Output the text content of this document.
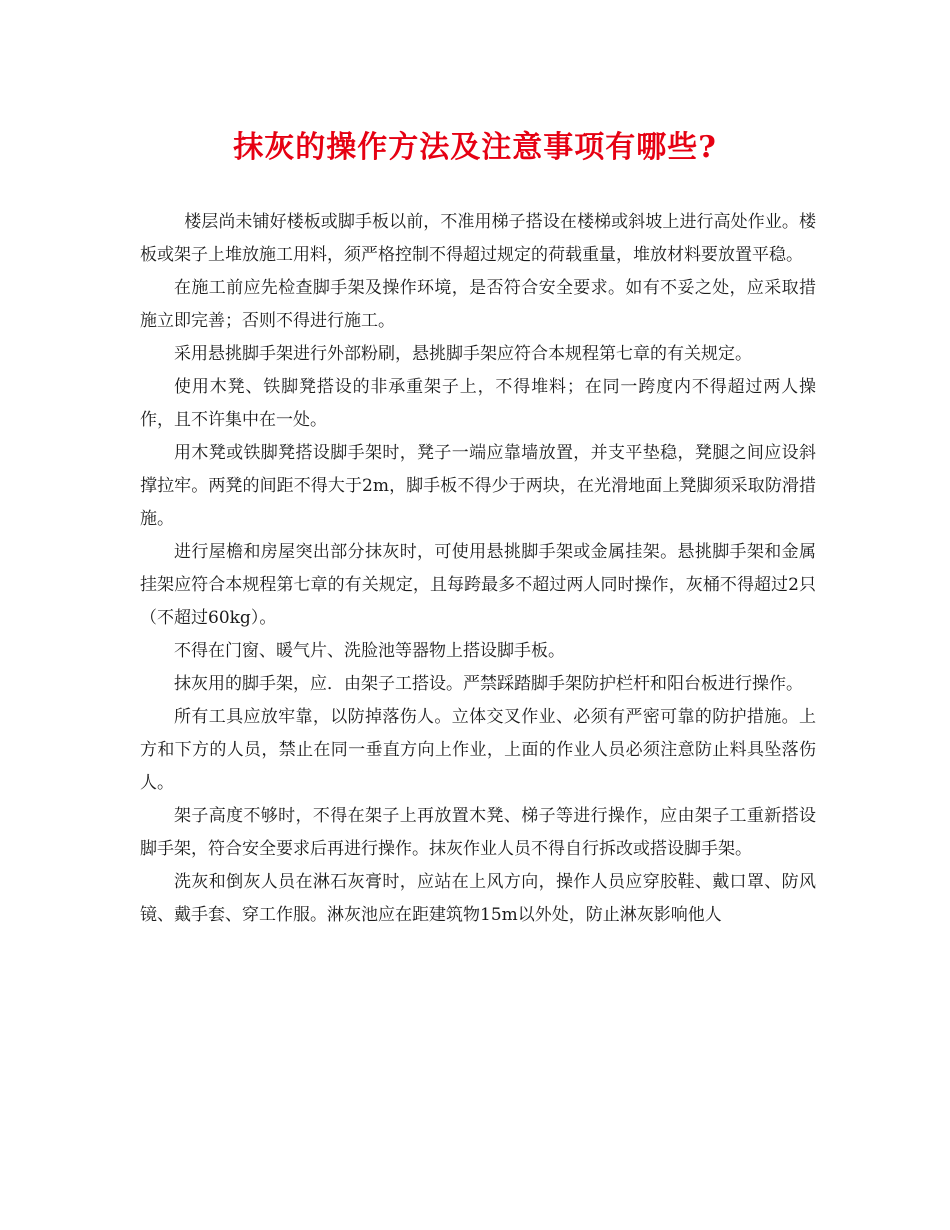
抹灰的操作方法及注意事项有哪些?

楼层尚未铺好楼板或脚手板以前，不准用梯子搭设在楼梯或斜坡上进行高处作业。楼板或架子上堆放施工用料，须严格控制不得超过规定的荷载重量，堆放材料要放置平稳。

在施工前应先检查脚手架及操作环境，是否符合安全要求。如有不妥之处，应采取措施立即完善；否则不得进行施工。

采用悬挑脚手架进行外部粉刷，悬挑脚手架应符合本规程第七章的有关规定。

使用木凳、铁脚凳搭设的非承重架子上，不得堆料；在同一跨度内不得超过两人操作，且不许集中在一处。

用木凳或铁脚凳搭设脚手架时，凳子一端应靠墙放置，并支平垫稳，凳腿之间应设斜撑拉牢。两凳的间距不得大于2m，脚手板不得少于两块，在光滑地面上凳脚须采取防滑措施。

进行屋檐和房屋突出部分抹灰时，可使用悬挑脚手架或金属挂架。悬挑脚手架和金属挂架应符合本规程第七章的有关规定，且每跨最多不超过两人同时操作，灰桶不得超过2只（不超过60kg）。

不得在门窗、暖气片、洗脸池等器物上搭设脚手板。

抹灰用的脚手架，应．由架子工搭设。严禁踩踏脚手架防护栏杆和阳台板进行操作。

所有工具应放牢靠，以防掉落伤人。立体交叉作业、必须有严密可靠的防护措施。上方和下方的人员，禁止在同一垂直方向上作业，上面的作业人员必须注意防止料具坠落伤人。

架子高度不够时，不得在架子上再放置木凳、梯子等进行操作，应由架子工重新搭设脚手架，符合安全要求后再进行操作。抹灰作业人员不得自行拆改或搭设脚手架。

洗灰和倒灰人员在淋石灰膏时，应站在上风方向，操作人员应穿胶鞋、戴口罩、防风镜、戴手套、穿工作服。淋灰池应在距建筑物15m以外处，防止淋灰影响他人
